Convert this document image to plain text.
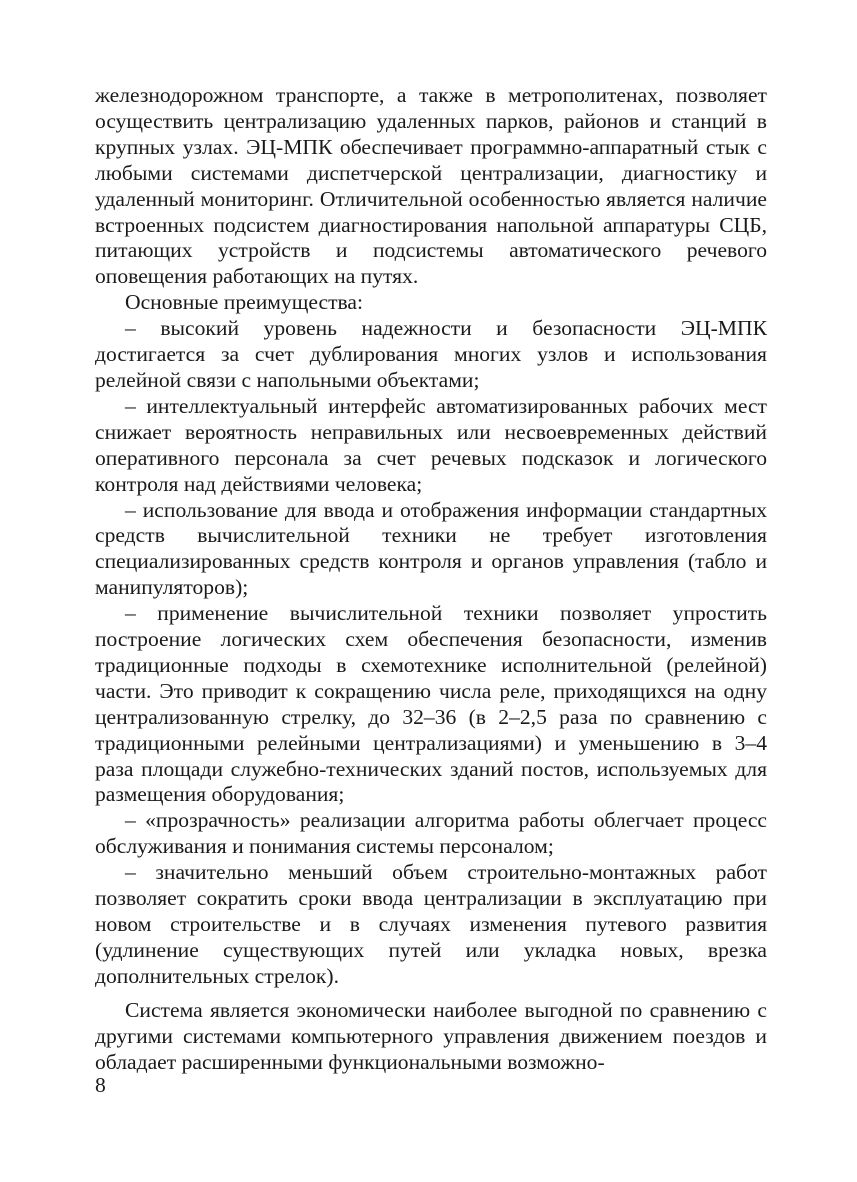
железнодорожном транспорте, а также в метрополитенах, позволяет осуществить централизацию удаленных парков, районов и станций в крупных узлах. ЭЦ-МПК обеспечивает программно-аппаратный стык с любыми системами диспетчерской централизации, диагностику и удаленный мониторинг. Отличительной особенностью является наличие встроенных подсистем диагностирования напольной аппаратуры СЦБ, питающих устройств и подсистемы автоматического речевого оповещения работающих на путях.

Основные преимущества:

– высокий уровень надежности и безопасности ЭЦ-МПК достигается за счет дублирования многих узлов и использования релейной связи с напольными объектами;

– интеллектуальный интерфейс автоматизированных рабочих мест снижает вероятность неправильных или несвоевременных действий оперативного персонала за счет речевых подсказок и логического контроля над действиями человека;

– использование для ввода и отображения информации стандартных средств вычислительной техники не требует изготовления специализированных средств контроля и органов управления (табло и манипуляторов);

– применение вычислительной техники позволяет упростить построение логических схем обеспечения безопасности, изменив традиционные подходы в схемотехнике исполнительной (релейной) части. Это приводит к сокращению числа реле, приходящихся на одну централизованную стрелку, до 32–36 (в 2–2,5 раза по сравнению с традиционными релейными централизациями) и уменьшению в 3–4 раза площади служебно-технических зданий постов, используемых для размещения оборудования;

– «прозрачность» реализации алгоритма работы облегчает процесс обслуживания и понимания системы персоналом;

– значительно меньший объем строительно-монтажных работ позволяет сократить сроки ввода централизации в эксплуатацию при новом строительстве и в случаях изменения путевого развития (удлинение существующих путей или укладка новых, врезка дополнительных стрелок).

Система является экономически наиболее выгодной по сравнению с другими системами компьютерного управления движением поездов и обладает расширенными функциональными возможно-

8
